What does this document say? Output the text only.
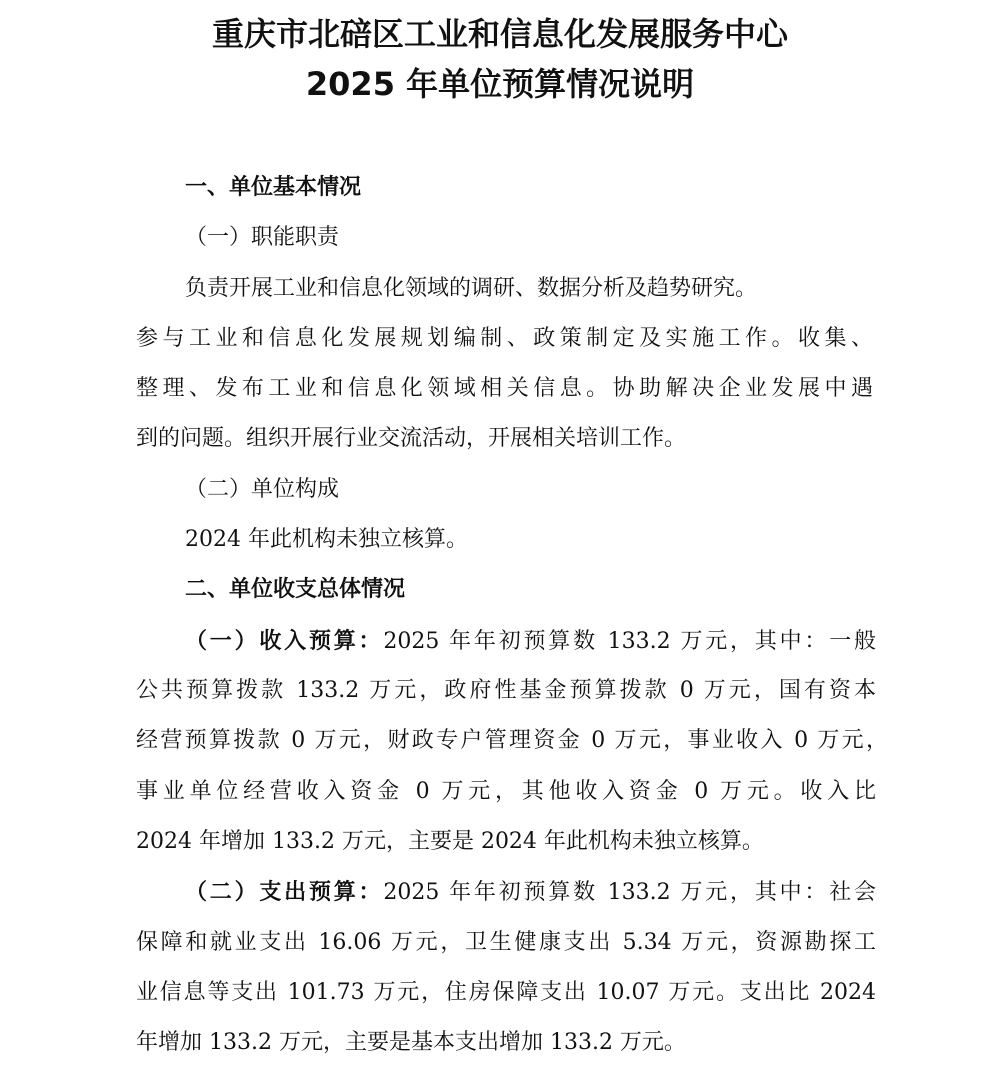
重庆市北碚区工业和信息化发展服务中心
2025 年单位预算情况说明

一、单位基本情况

（一）职能职责

负责开展工业和信息化领域的调研、数据分析及趋势研究。

参与工业和信息化发展规划编制、政策制定及实施工作。收集、

整理、发布工业和信息化领域相关信息。协助解决企业发展中遇

到的问题。组织开展行业交流活动，开展相关培训工作。

（二）单位构成

2024 年此机构未独立核算。

二、单位收支总体情况

（一）收入预算：2025 年年初预算数 133.2 万元，其中：一般

公共预算拨款 133.2 万元，政府性基金预算拨款 0 万元，国有资本

经营预算拨款 0 万元，财政专户管理资金 0 万元，事业收入 0 万元，

事业单位经营收入资金 0 万元，其他收入资金 0 万元。收入比

2024 年增加 133.2 万元，主要是 2024 年此机构未独立核算。

（二）支出预算：2025 年年初预算数 133.2 万元，其中：社会

保障和就业支出 16.06 万元，卫生健康支出 5.34 万元，资源勘探工

业信息等支出 101.73 万元，住房保障支出 10.07 万元。支出比 2024

年增加 133.2 万元，主要是基本支出增加 133.2 万元。
